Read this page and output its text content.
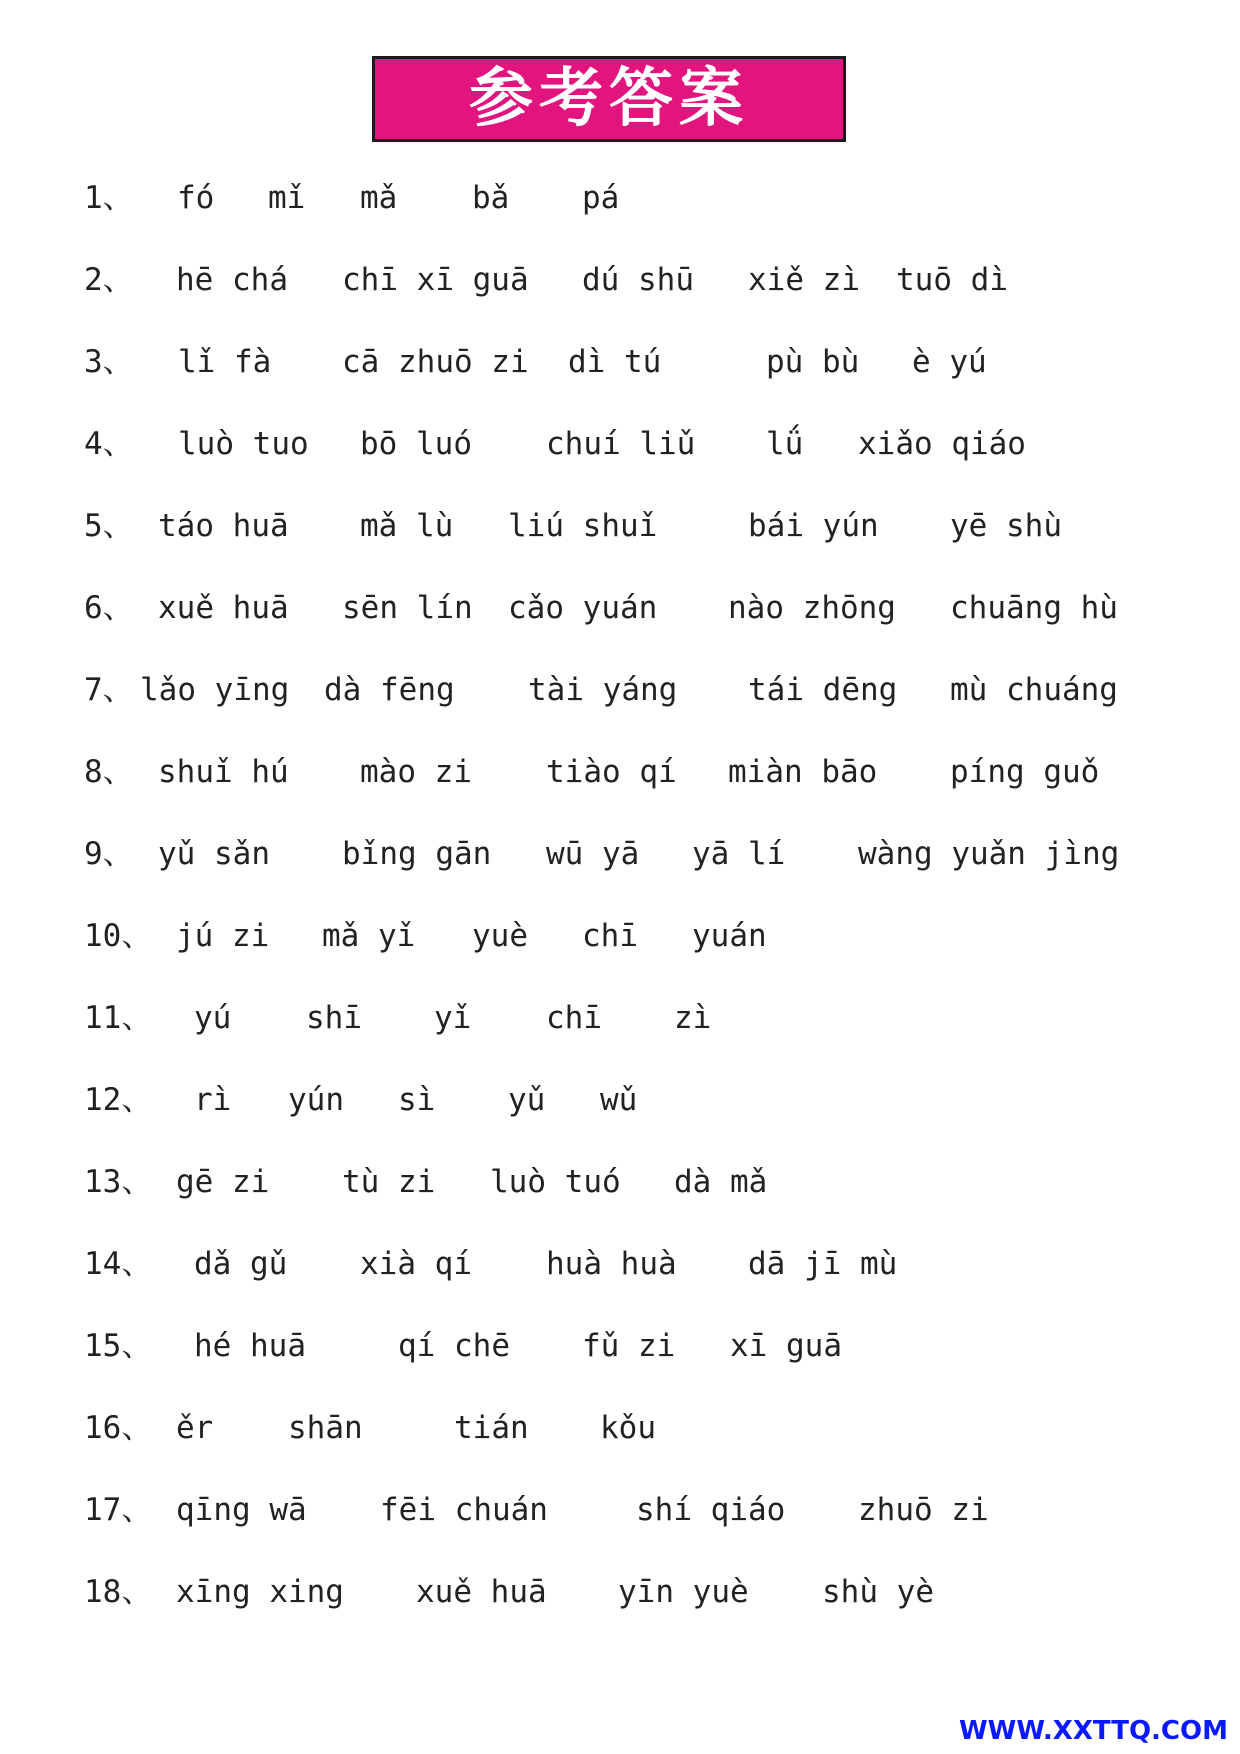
参考答案
1、 fó mǐ mǎ bǎ pá
2、 hē chá chī xī guā dú shū xiě zì tuō dì
3、 lǐ fà cā zhuō zi dì tú	pù bù è yú
4、 luò tuo bō luó chuí liǔ lǘ xiǎo qiáo
5、 táo huā mǎ lù liú shuǐ	bái yún yē shù
6、 xuě huā sēn lín cǎo yuán nào zhōng chuāng hù
7、 lǎo yīng dà fēng tài yáng tái dēng mù chuáng
8、 shuǐ hú mào zi tiào qí miàn bāo píng guǒ
9、 yǔ sǎn bǐng gān wū yā yā lí wàng yuǎn jìng
10、 jú zi mǎ yǐ yuè chī yuán
11、 yú shī yǐ chī zì
12、 rì yún sì yǔ wǔ
13、 gē zi tù zi luò tuó dà mǎ
14、 dǎ gǔ xià qí huà huà dā jī mù
15、 hé huā	qí chē fǔ zi xī guā
16、 ěr shān	tián kǒu
17、 qīng wā fēi chuán	shí qiáo zhuō zi
18、 xīng xing xuě huā yīn yuè shù yè
WWW.XXTTQ.COM
